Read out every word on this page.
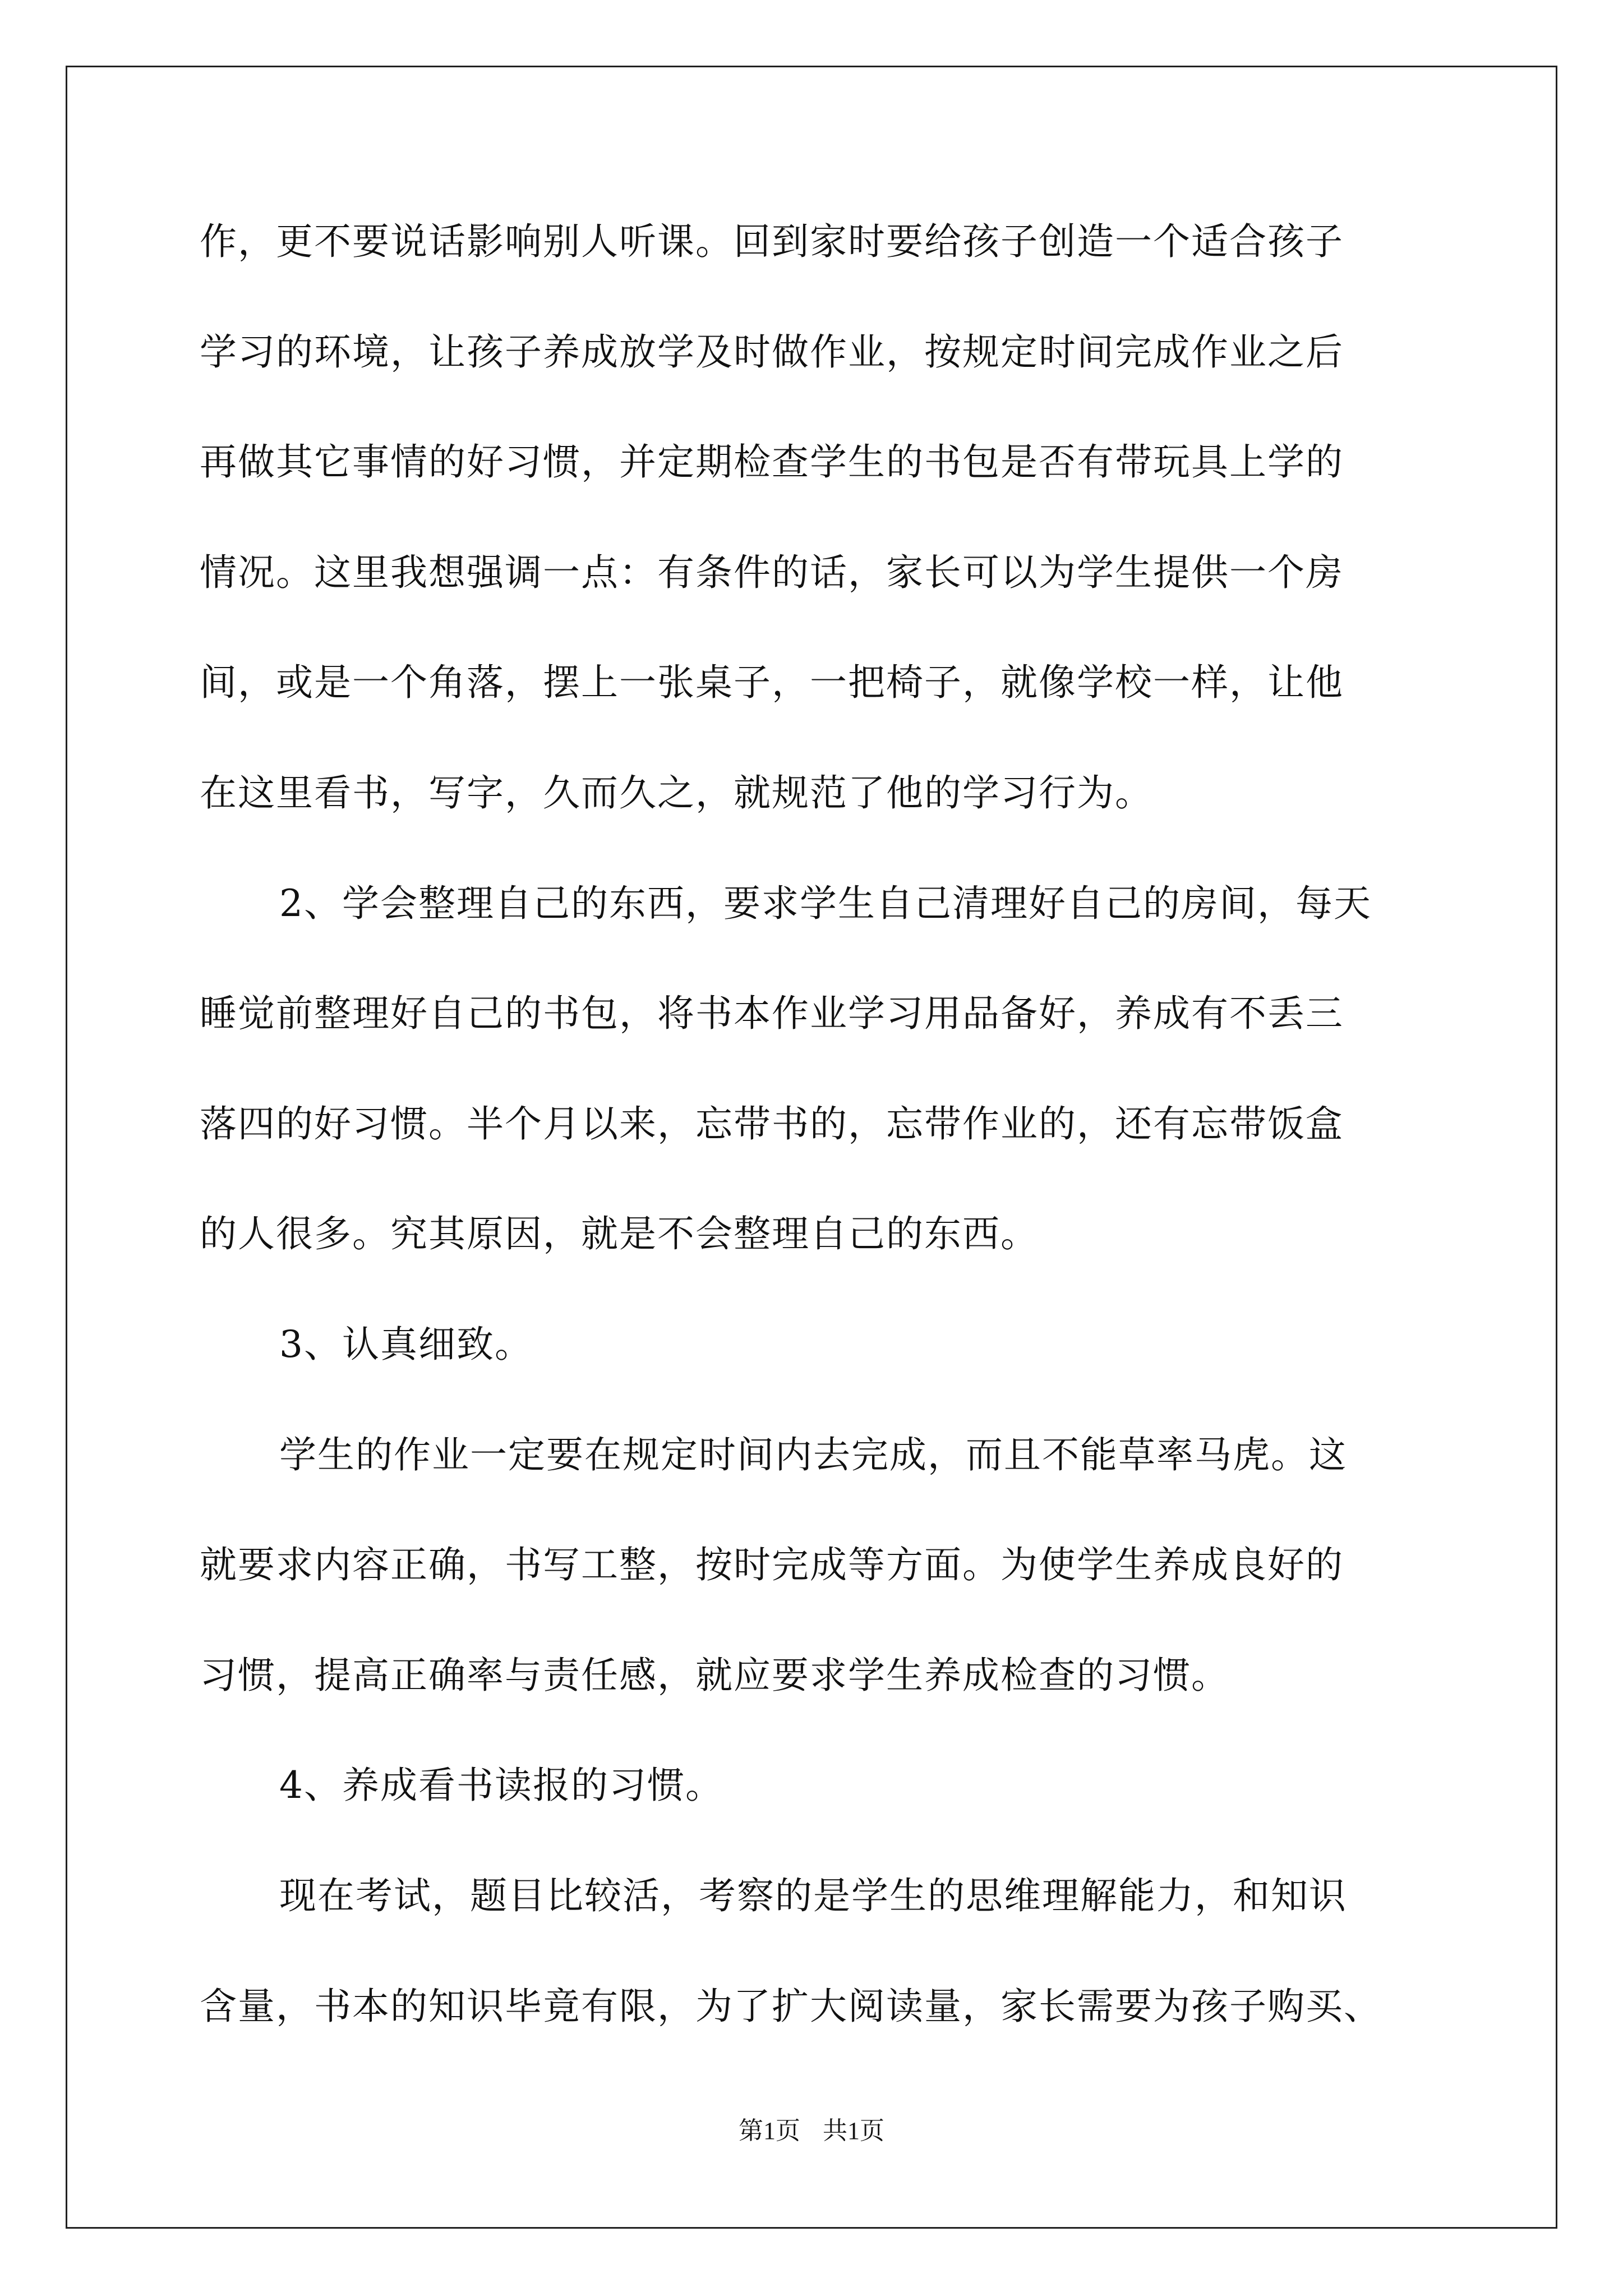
作，更不要说话影响别人听课。回到家时要给孩子创造一个适合孩子
学习的环境，让孩子养成放学及时做作业，按规定时间完成作业之后
再做其它事情的好习惯，并定期检查学生的书包是否有带玩具上学的
情况。这里我想强调一点：有条件的话，家长可以为学生提供一个房
间，或是一个角落，摆上一张桌子，一把椅子，就像学校一样，让他
在这里看书，写字，久而久之，就规范了他的学习行为。
2、学会整理自己的东西，要求学生自己清理好自己的房间，每天
睡觉前整理好自己的书包，将书本作业学习用品备好，养成有不丢三
落四的好习惯。半个月以来，忘带书的，忘带作业的，还有忘带饭盒
的人很多。究其原因，就是不会整理自己的东西。
3、认真细致。
学生的作业一定要在规定时间内去完成，而且不能草率马虎。这
就要求内容正确，书写工整，按时完成等方面。为使学生养成良好的
习惯，提高正确率与责任感，就应要求学生养成检查的习惯。
4、养成看书读报的习惯。
现在考试，题目比较活，考察的是学生的思维理解能力，和知识
含量，书本的知识毕竟有限，为了扩大阅读量，家长需要为孩子购买、
第1页 共1页
